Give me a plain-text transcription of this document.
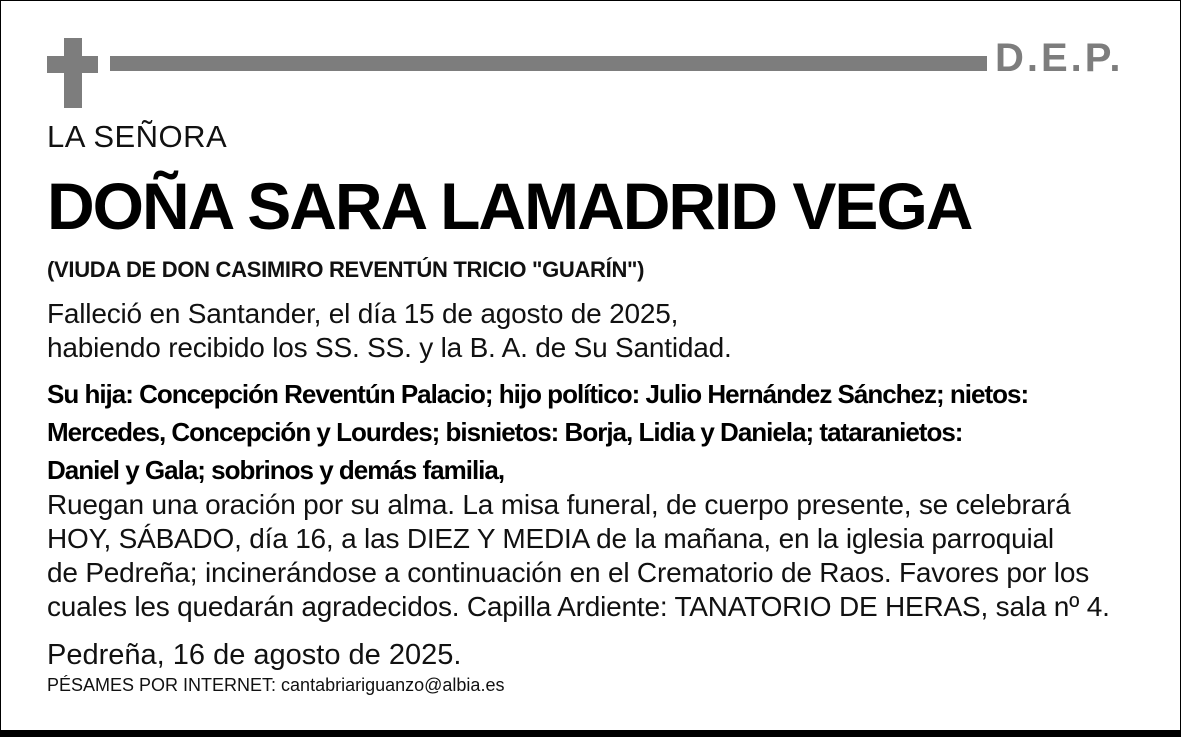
D.E.P.
LA SEÑORA
DOÑA SARA LAMADRID VEGA
(VIUDA DE DON CASIMIRO REVENTÚN TRICIO "GUARÍN")
Falleció en Santander, el día 15 de agosto de 2025,
habiendo recibido los SS. SS. y la B. A. de Su Santidad.
Su hija: Concepción Reventún Palacio; hijo político: Julio Hernández Sánchez; nietos:
Mercedes, Concepción y Lourdes; bisnietos: Borja, Lidia y Daniela; tataranietos:
Daniel y Gala; sobrinos y demás familia,
Ruegan una oración por su alma. La misa funeral, de cuerpo presente, se celebrará
HOY, SÁBADO, día 16, a las DIEZ Y MEDIA de la mañana, en la iglesia parroquial
de Pedreña; incinerándose a continuación en el Crematorio de Raos. Favores por los
cuales les quedarán agradecidos. Capilla Ardiente: TANATORIO DE HERAS, sala nº 4.
Pedreña, 16 de agosto de 2025.
PÉSAMES POR INTERNET: cantabriariguanzo@albia.es
